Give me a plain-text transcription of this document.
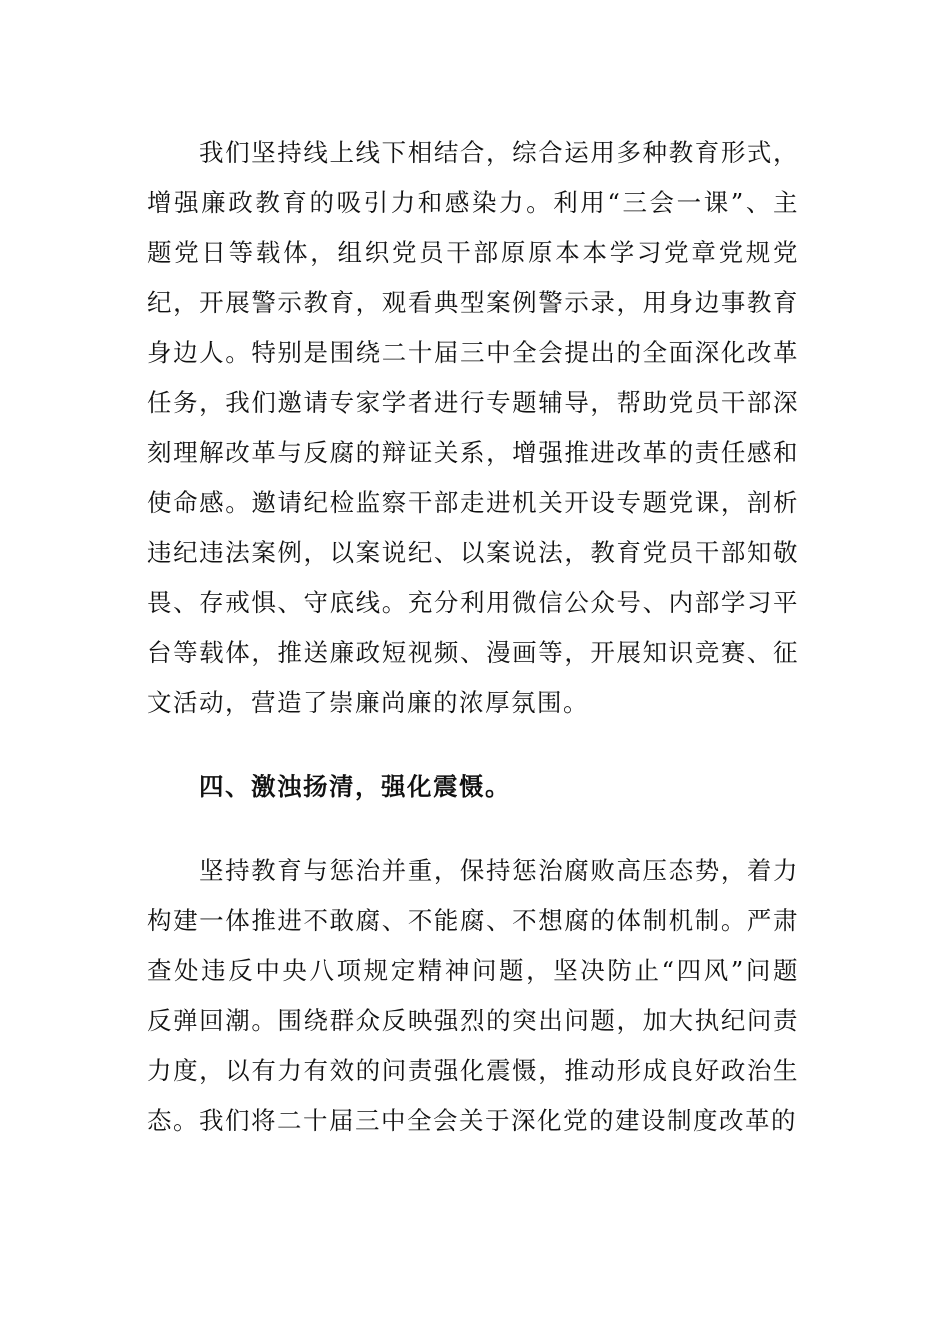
我们坚持线上线下相结合，综合运用多种教育形式，增强廉政教育的吸引力和感染力。利用“三会一课”、主题党日等载体，组织党员干部原原本本学习党章党规党纪，开展警示教育，观看典型案例警示录，用身边事教育身边人。特别是围绕二十届三中全会提出的全面深化改革任务，我们邀请专家学者进行专题辅导，帮助党员干部深刻理解改革与反腐的辩证关系，增强推进改革的责任感和使命感。邀请纪检监察干部走进机关开设专题党课，剖析违纪违法案例，以案说纪、以案说法，教育党员干部知敬畏、存戒惧、守底线。充分利用微信公众号、内部学习平台等载体，推送廉政短视频、漫画等，开展知识竞赛、征文活动，营造了崇廉尚廉的浓厚氛围。

四、激浊扬清，强化震慑。

坚持教育与惩治并重，保持惩治腐败高压态势，着力构建一体推进不敢腐、不能腐、不想腐的体制机制。严肃查处违反中央八项规定精神问题，坚决防止“四风”问题反弹回潮。围绕群众反映强烈的突出问题，加大执纪问责力度，以有力有效的问责强化震慑，推动形成良好政治生态。我们将二十届三中全会关于深化党的建设制度改革的
